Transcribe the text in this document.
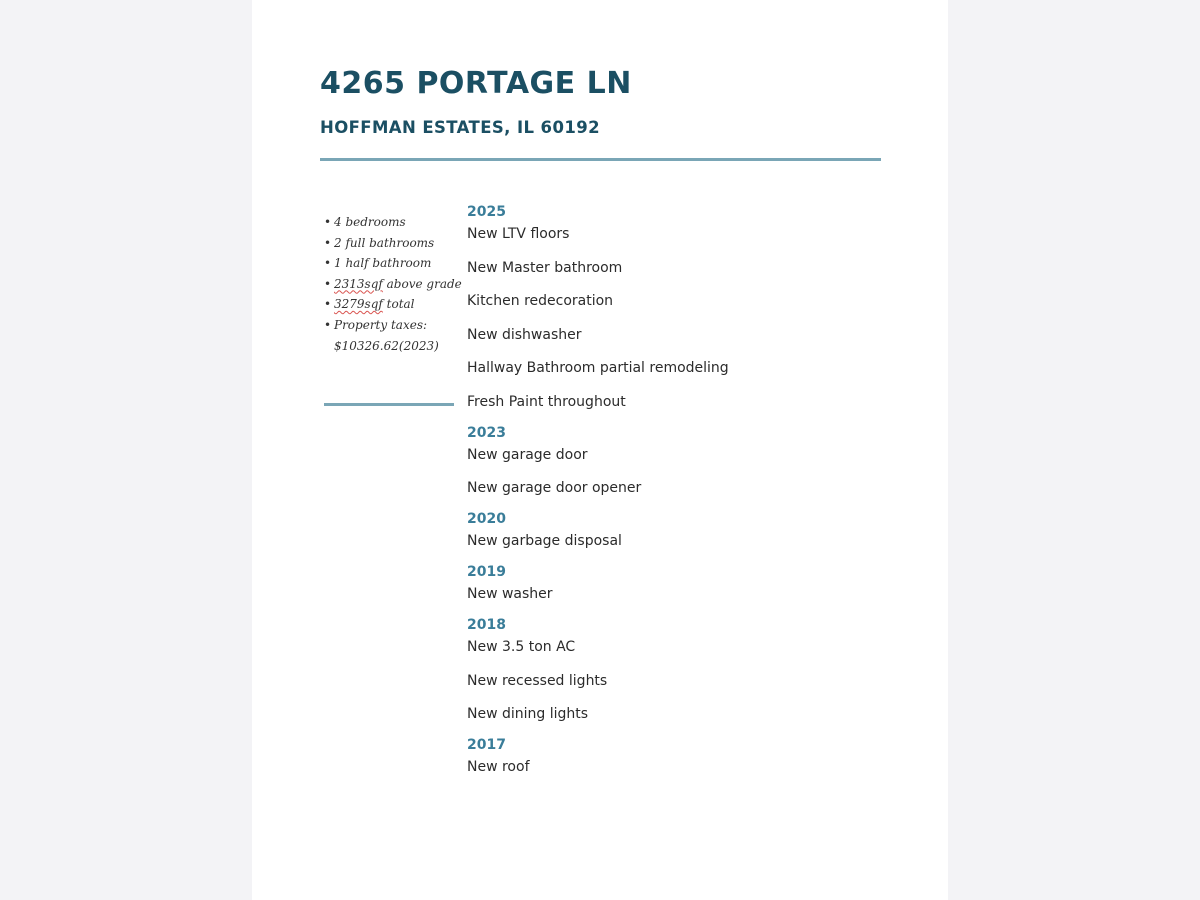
4265 PORTAGE LN
HOFFMAN ESTATES, IL 60192
• 4 bedrooms
• 2 full bathrooms
• 1 half bathroom
• 2313sqf above grade
• 3279sqf total
• Property taxes:
$10326.62(2023)
2025
New LTV floors
New Master bathroom
Kitchen redecoration
New dishwasher
Hallway Bathroom partial remodeling
Fresh Paint throughout
2023
New garage door
New garage door opener
2020
New garbage disposal
2019
New washer
2018
New 3.5 ton AC
New recessed lights
New dining lights
2017
New roof
